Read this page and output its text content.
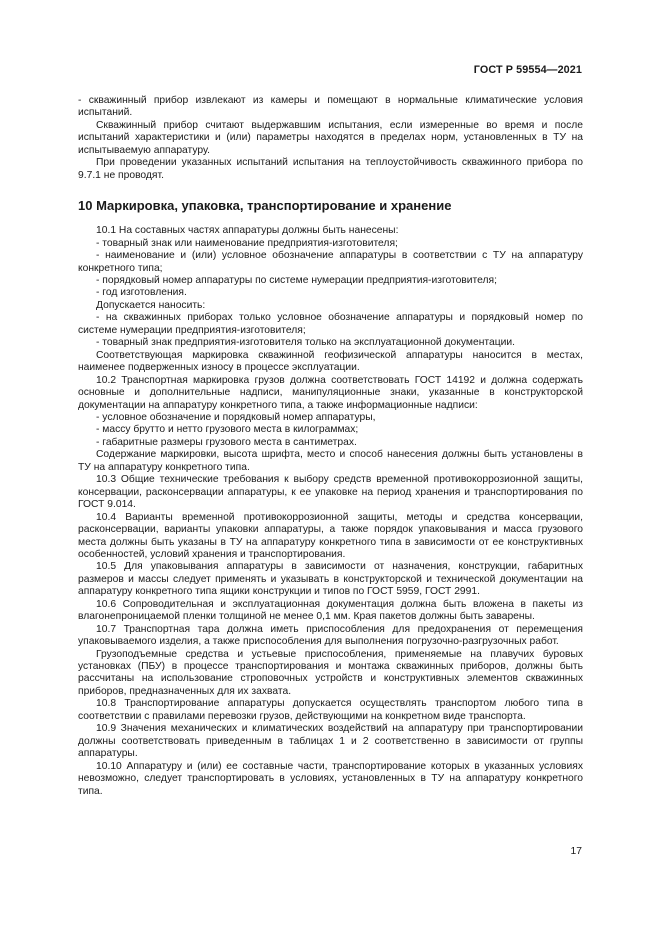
ГОСТ Р 59554—2021

- скважинный прибор извлекают из камеры и помещают в нормальные климатические условия испытаний.

Скважинный прибор считают выдержавшим испытания, если измеренные во время и после испытаний характеристики и (или) параметры находятся в пределах норм, установленных в ТУ на испытываемую аппаратуру.

При проведении указанных испытаний испытания на теплоустойчивость скважинного прибора по 9.7.1 не проводят.

10 Маркировка, упаковка, транспортирование и хранение

10.1 На составных частях аппаратуры должны быть нанесены:

- товарный знак или наименование предприятия-изготовителя;

- наименование и (или) условное обозначение аппаратуры в соответствии с ТУ на аппаратуру конкретного типа;

- порядковый номер аппаратуры по системе нумерации предприятия-изготовителя;

- год изготовления.

Допускается наносить:

- на скважинных приборах только условное обозначение аппаратуры и порядковый номер по системе нумерации предприятия-изготовителя;

- товарный знак предприятия-изготовителя только на эксплуатационной документации.

Соответствующая маркировка скважинной геофизической аппаратуры наносится в местах, наименее подверженных износу в процессе эксплуатации.

10.2 Транспортная маркировка грузов должна соответствовать ГОСТ 14192 и должна содержать основные и дополнительные надписи, манипуляционные знаки, указанные в конструкторской документации на аппаратуру конкретного типа, а также информационные надписи:

- условное обозначение и порядковый номер аппаратуры,

- массу брутто и нетто грузового места в килограммах;

- габаритные размеры грузового места в сантиметрах.

Содержание маркировки, высота шрифта, место и способ нанесения должны быть установлены в ТУ на аппаратуру конкретного типа.

10.3 Общие технические требования к выбору средств временной противокоррозионной защиты, консервации, расконсервации аппаратуры, к ее упаковке на период хранения и транспортирования по ГОСТ 9.014.

10.4 Варианты временной противокоррозионной защиты, методы и средства консервации, расконсервации, варианты упаковки аппаратуры, а также порядок упаковывания и масса грузового места должны быть указаны в ТУ на аппаратуру конкретного типа в зависимости от ее конструктивных особенностей, условий хранения и транспортирования.

10.5 Для упаковывания аппаратуры в зависимости от назначения, конструкции, габаритных размеров и массы следует применять и указывать в конструкторской и технической документации на аппаратуру конкретного типа ящики конструкции и типов по ГОСТ 5959, ГОСТ 2991.

10.6 Сопроводительная и эксплуатационная документация должна быть вложена в пакеты из влагонепроницаемой пленки толщиной не менее 0,1 мм. Края пакетов должны быть заварены.

10.7 Транспортная тара должна иметь приспособления для предохранения от перемещения упаковываемого изделия, а также приспособления для выполнения погрузочно-разгрузочных работ.

Грузоподъемные средства и устьевые приспособления, применяемые на плавучих буровых установках (ПБУ) в процессе транспортирования и монтажа скважинных приборов, должны быть рассчитаны на использование строповочных устройств и конструктивных элементов скважинных приборов, предназначенных для их захвата.

10.8 Транспортирование аппаратуры допускается осуществлять транспортом любого типа в соответствии с правилами перевозки грузов, действующими на конкретном виде транспорта.

10.9 Значения механических и климатических воздействий на аппаратуру при транспортировании должны соответствовать приведенным в таблицах 1 и 2 соответственно в зависимости от группы аппаратуры.

10.10 Аппаратуру и (или) ее составные части, транспортирование которых в указанных условиях невозможно, следует транспортировать в условиях, установленных в ТУ на аппаратуру конкретного типа.

17
